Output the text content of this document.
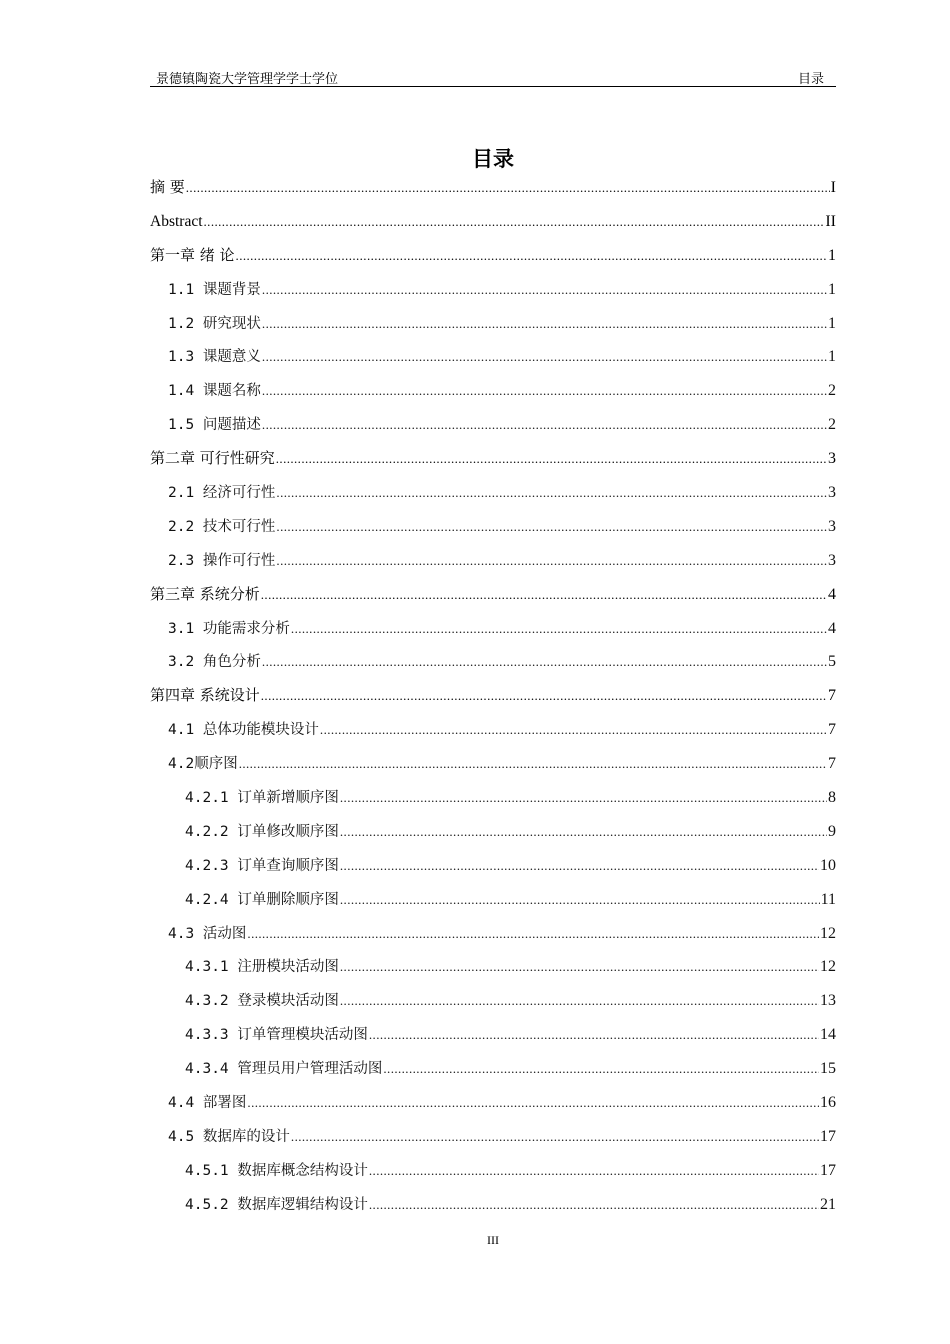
景德镇陶瓷大学管理学学士学位	目录
目录
摘 要 .....	I
Abstract .....	II
第一章 绪 论 .....	1
1.1 课题背景 .....	1
1.2 研究现状 .....	1
1.3 课题意义 .....	1
1.4 课题名称 .....	2
1.5 问题描述 .....	2
第二章 可行性研究 .....	3
2.1 经济可行性 .....	3
2.2 技术可行性 .....	3
2.3 操作可行性 .....	3
第三章 系统分析 .....	4
3.1 功能需求分析 .....	4
3.2 角色分析 .....	5
第四章 系统设计 .....	7
4.1 总体功能模块设计 .....	7
4.2顺序图 .....	7
4.2.1 订单新增顺序图 .....	8
4.2.2 订单修改顺序图 .....	9
4.2.3 订单查询顺序图 .....	10
4.2.4 订单删除顺序图 .....	11
4.3 活动图 .....	12
4.3.1 注册模块活动图 .....	12
4.3.2 登录模块活动图 .....	13
4.3.3 订单管理模块活动图 .....	14
4.3.4 管理员用户管理活动图 .....	15
4.4 部署图 .....	16
4.5 数据库的设计 .....	17
4.5.1 数据库概念结构设计 .....	17
4.5.2 数据库逻辑结构设计 .....	21
III
